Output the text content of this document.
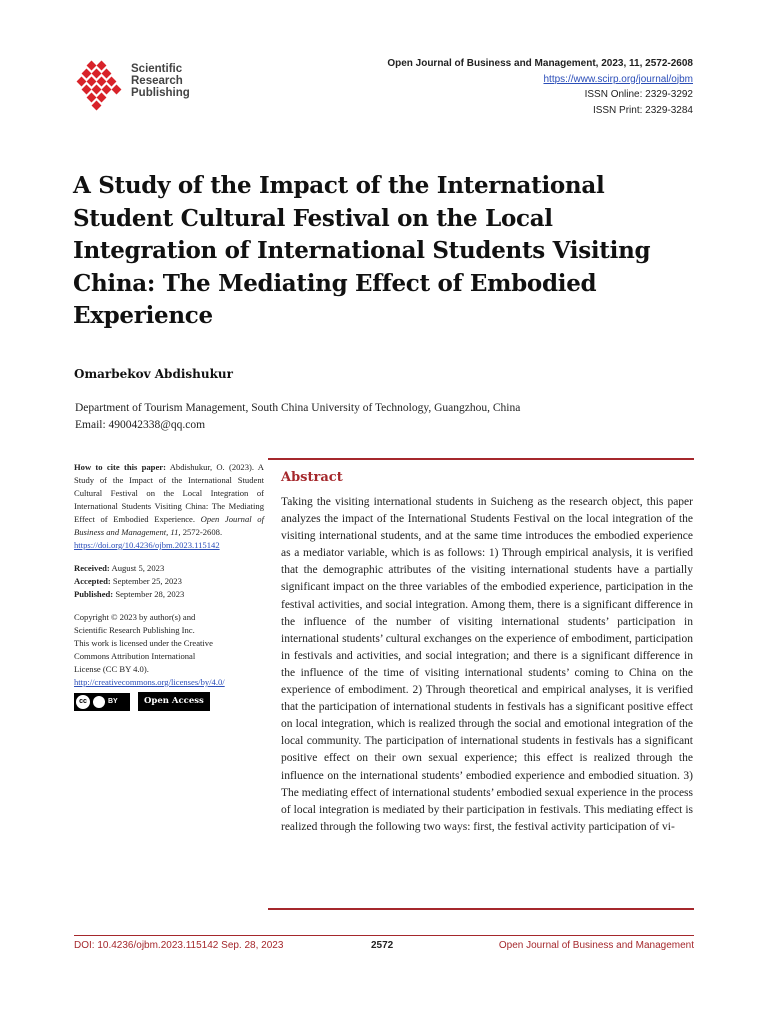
Scientific
Research
Publishing
Open Journal of Business and Management, 2023, 11, 2572-2608
https://www.scirp.org/journal/ojbm
ISSN Online: 2329-3292
ISSN Print: 2329-3284
A Study of the Impact of the International Student Cultural Festival on the Local Integration of International Students Visiting China: The Mediating Effect of Embodied Experience
Omarbekov Abdishukur
Department of Tourism Management, South China University of Technology, Guangzhou, China
Email: 490042338@qq.com
How to cite this paper: Abdishukur, O. (2023). A Study of the Impact of the International Student Cultural Festival on the Local Integration of International Students Visiting China: The Mediating Effect of Embodied Experience. Open Journal of Business and Management, 11, 2572-2608.
https://doi.org/10.4236/ojbm.2023.115142
Received: August 5, 2023
Accepted: September 25, 2023
Published: September 28, 2023
Copyright © 2023 by author(s) and
Scientific Research Publishing Inc.
This work is licensed under the Creative
Commons Attribution International
License (CC BY 4.0).
http://creativecommons.org/licenses/by/4.0/
cc	BY	Open Access
Abstract

Taking the visiting international students in Suicheng as the research object, this paper analyzes the impact of the International Students Festival on the local integration of the visiting international students, and at the same time introduces the embodied experience as a mediator variable, which is as follows: 1) Through empirical analysis, it is verified that the demographic attributes of the visiting international students have a partially significant impact on the three variables of the embodied experience, participation in the festival activities, and social integration. Among them, there is a significant difference in the influence of the number of visiting international students’ participation in international students’ cultural exchanges on the experience of embodiment, participation in festivals and activities, and social integration; and there is a significant difference in the influence of the time of visiting international students’ coming to China on the experience of embodiment. 2) Through theoretical and empirical analyses, it is verified that the participation of international students in festivals has a significant positive effect on local integration, which is realized through the social and emotional integration of the local community. The participation of international students in festivals has a significant positive effect on their own sexual experience; this effect is realized through the influence on the international students’ embodied experience and embodied situation. 3) The mediating effect of international students’ embodied sexual experience in the process of local integration is mediated by their participation in festivals. This mediating effect is realized through the following two ways: first, the festival activity participation of vi-

DOI: 10.4236/ojbm.2023.115142 Sep. 28, 2023	2572	Open Journal of Business and Management
